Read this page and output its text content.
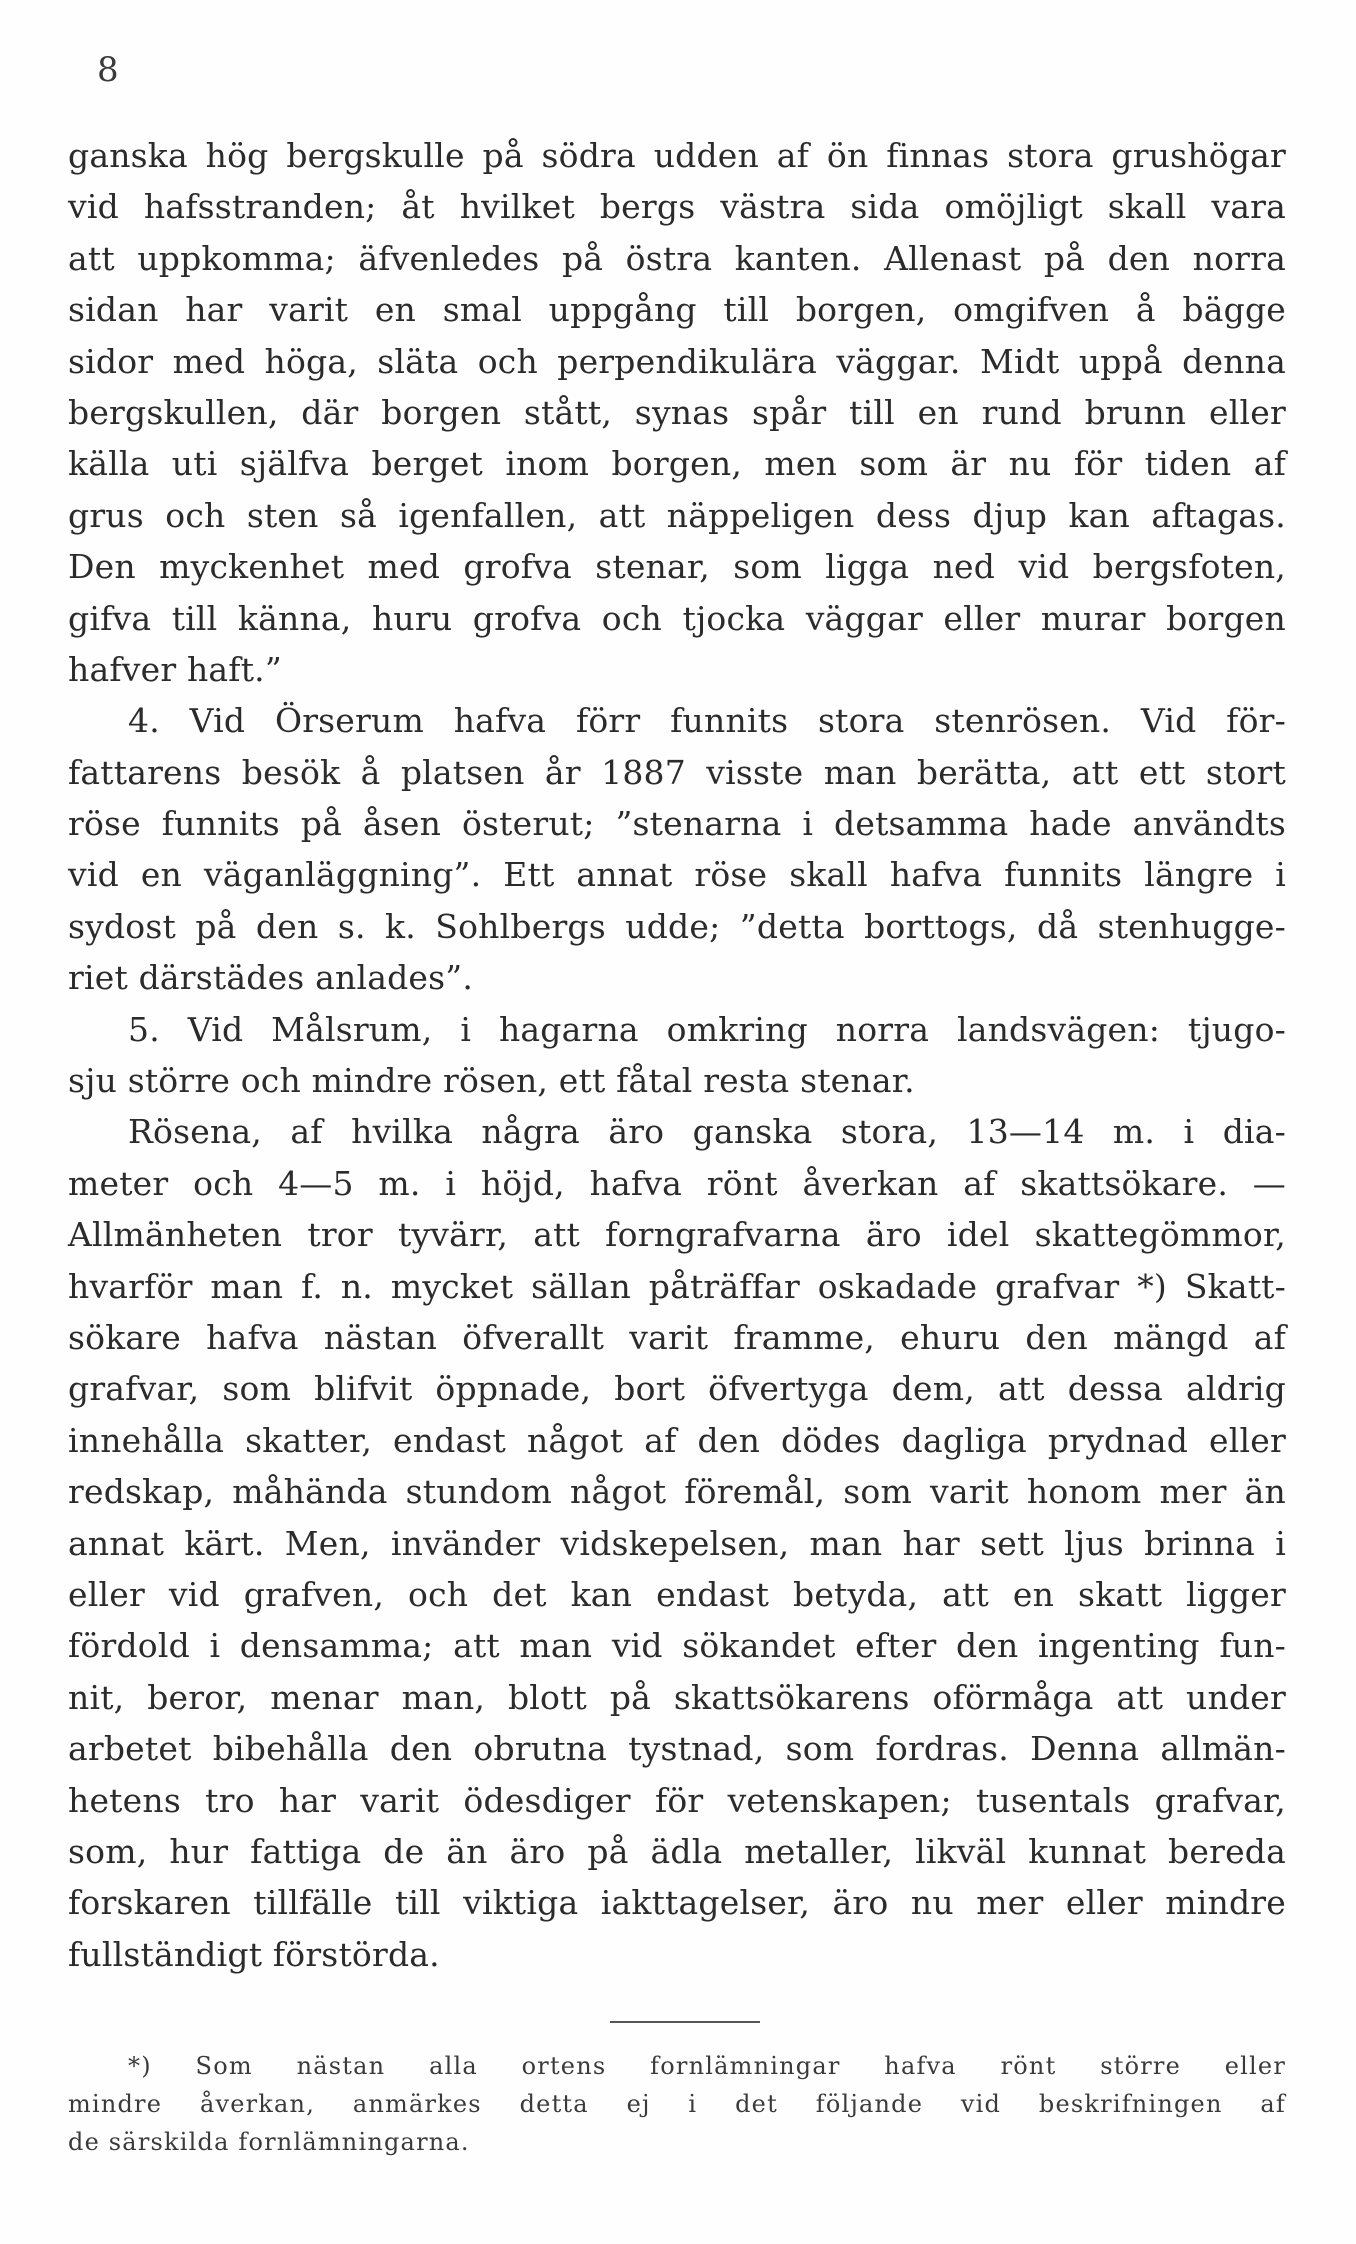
8
ganska hög bergskulle på södra udden af ön finnas stora grushögar
vid hafsstranden; åt hvilket bergs västra sida omöjligt skall vara
att uppkomma; äfvenledes på östra kanten. Allenast på den norra
sidan har varit en smal uppgång till borgen, omgifven å bägge
sidor med höga, släta och perpendikulära väggar. Midt uppå denna
bergskullen, där borgen stått, synas spår till en rund brunn eller
källa uti själfva berget inom borgen, men som är nu för tiden af
grus och sten så igenfallen, att näppeligen dess djup kan aftagas.
Den myckenhet med grofva stenar, som ligga ned vid bergsfoten,
gifva till känna, huru grofva och tjocka väggar eller murar borgen
hafver haft.”
4. Vid Örserum hafva förr funnits stora stenrösen. Vid för-
fattarens besök å platsen år 1887 visste man berätta, att ett stort
röse funnits på åsen österut; ”stenarna i detsamma hade användts
vid en väganläggning”. Ett annat röse skall hafva funnits längre i
sydost på den s. k. Sohlbergs udde; ”detta borttogs, då stenhugge-
riet därstädes anlades”.
5. Vid Målsrum, i hagarna omkring norra landsvägen: tjugo-
sju större och mindre rösen, ett fåtal resta stenar.
Rösena, af hvilka några äro ganska stora, 13—14 m. i dia-
meter och 4—5 m. i höjd, hafva rönt åverkan af skattsökare. —
Allmänheten tror tyvärr, att forngrafvarna äro idel skattegömmor,
hvarför man f. n. mycket sällan påträffar oskadade grafvar *) Skatt-
sökare hafva nästan öfverallt varit framme, ehuru den mängd af
grafvar, som blifvit öppnade, bort öfvertyga dem, att dessa aldrig
innehålla skatter, endast något af den dödes dagliga prydnad eller
redskap, måhända stundom något föremål, som varit honom mer än
annat kärt. Men, invänder vidskepelsen, man har sett ljus brinna i
eller vid grafven, och det kan endast betyda, att en skatt ligger
fördold i densamma; att man vid sökandet efter den ingenting fun-
nit, beror, menar man, blott på skattsökarens oförmåga att under
arbetet bibehålla den obrutna tystnad, som fordras. Denna allmän-
hetens tro har varit ödesdiger för vetenskapen; tusentals grafvar,
som, hur fattiga de än äro på ädla metaller, likväl kunnat bereda
forskaren tillfälle till viktiga iakttagelser, äro nu mer eller mindre
fullständigt förstörda.
*) Som nästan alla ortens fornlämningar hafva rönt större eller
mindre åverkan, anmärkes detta ej i det följande vid beskrifningen af
de särskilda fornlämningarna.
